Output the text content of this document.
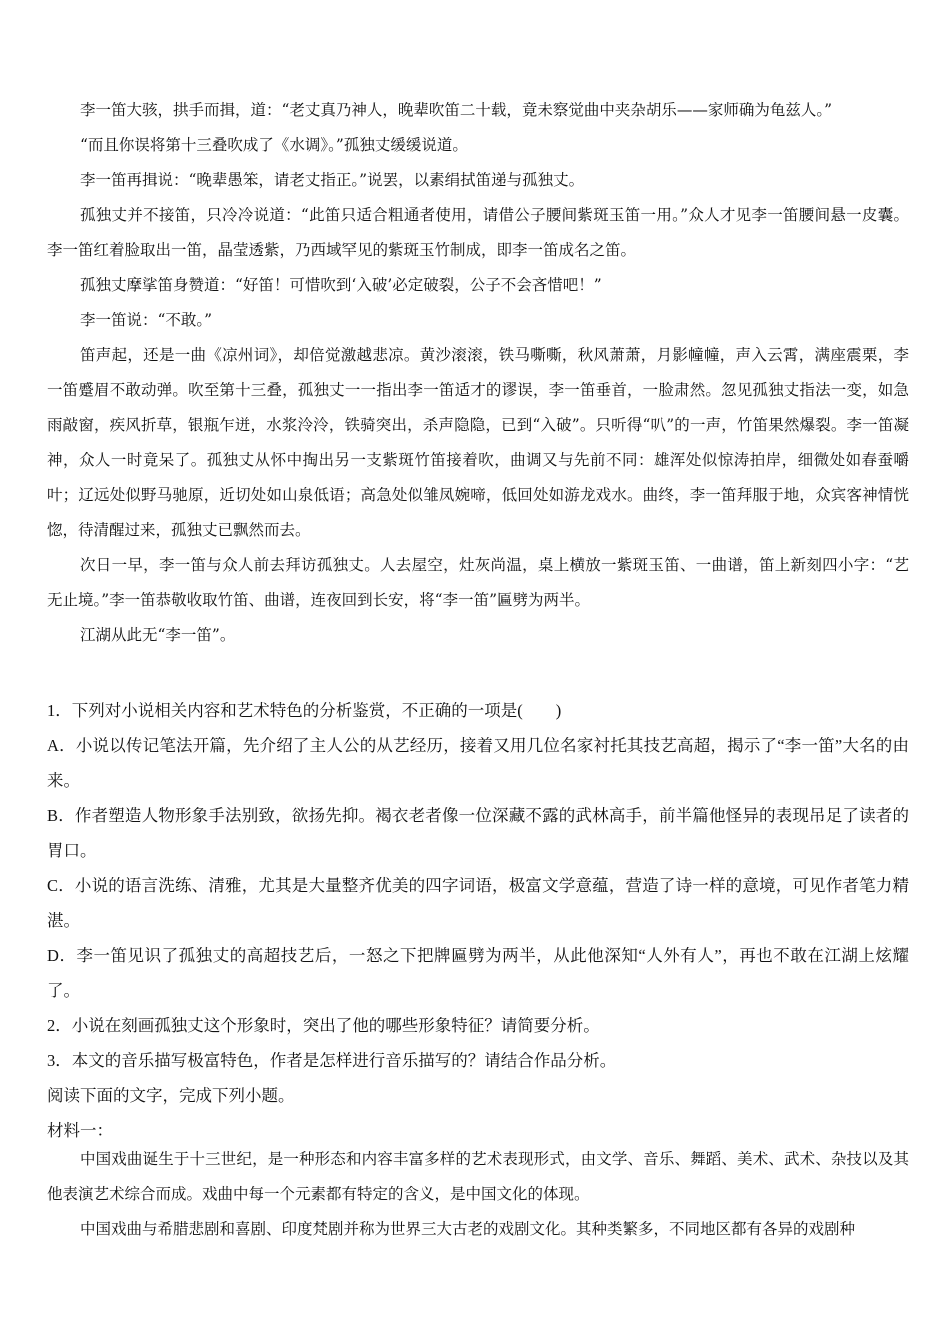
李一笛大骇，拱手而揖，道：“老丈真乃神人，晚辈吹笛二十载，竟未察觉曲中夹杂胡乐——家师确为龟兹人。”

“而且你误将第十三叠吹成了《水调》。”孤独丈缓缓说道。

李一笛再揖说：“晚辈愚笨，请老丈指正。”说罢，以素绢拭笛递与孤独丈。

孤独丈并不接笛，只冷冷说道：“此笛只适合粗通者使用，请借公子腰间紫斑玉笛一用。”众人才见李一笛腰间悬一皮囊。李一笛红着脸取出一笛，晶莹透紫，乃西域罕见的紫斑玉竹制成，即李一笛成名之笛。

孤独丈摩挲笛身赞道：“好笛！可惜吹到‘入破’必定破裂，公子不会吝惜吧！”

李一笛说：“不敢。”

笛声起，还是一曲《凉州词》，却倍觉激越悲凉。黄沙滚滚，铁马嘶嘶，秋风萧萧，月影幢幢，声入云霄，满座震栗，李一笛蹙眉不敢动弹。吹至第十三叠，孤独丈一一指出李一笛适才的谬误，李一笛垂首，一脸肃然。忽见孤独丈指法一变，如急雨敲窗，疾风折草，银瓶乍迸，水浆泠泠，铁骑突出，杀声隐隐，已到“入破”。只听得“叭”的一声，竹笛果然爆裂。李一笛凝神，众人一时竟呆了。孤独丈从怀中掏出另一支紫斑竹笛接着吹，曲调又与先前不同：雄浑处似惊涛拍岸，细微处如春蚕嚼叶；辽远处似野马驰原，近切处如山泉低语；高急处似雏凤婉啼，低回处如游龙戏水。曲终，李一笛拜服于地，众宾客神情恍惚，待清醒过来，孤独丈已飘然而去。

次日一早，李一笛与众人前去拜访孤独丈。人去屋空，灶灰尚温，桌上横放一紫斑玉笛、一曲谱，笛上新刻四小字：“艺无止境。”李一笛恭敬收取竹笛、曲谱，连夜回到长安，将“李一笛”匾劈为两半。

江湖从此无“李一笛”。

1．下列对小说相关内容和艺术特色的分析鉴赏，不正确的一项是(　　)

A．小说以传记笔法开篇，先介绍了主人公的从艺经历，接着又用几位名家衬托其技艺高超，揭示了“李一笛”大名的由来。

B．作者塑造人物形象手法别致，欲扬先抑。褐衣老者像一位深藏不露的武林高手，前半篇他怪异的表现吊足了读者的胃口。

C．小说的语言洗练、清雅，尤其是大量整齐优美的四字词语，极富文学意蕴，营造了诗一样的意境，可见作者笔力精湛。

D．李一笛见识了孤独丈的高超技艺后，一怒之下把牌匾劈为两半，从此他深知“人外有人”，再也不敢在江湖上炫耀了。

2．小说在刻画孤独丈这个形象时，突出了他的哪些形象特征？请简要分析。

3．本文的音乐描写极富特色，作者是怎样进行音乐描写的？请结合作品分析。

阅读下面的文字，完成下列小题。

材料一：

中国戏曲诞生于十三世纪，是一种形态和内容丰富多样的艺术表现形式，由文学、音乐、舞蹈、美术、武术、杂技以及其他表演艺术综合而成。戏曲中每一个元素都有特定的含义，是中国文化的体现。

中国戏曲与希腊悲剧和喜剧、印度梵剧并称为世界三大古老的戏剧文化。其种类繁多，不同地区都有各异的戏剧种
